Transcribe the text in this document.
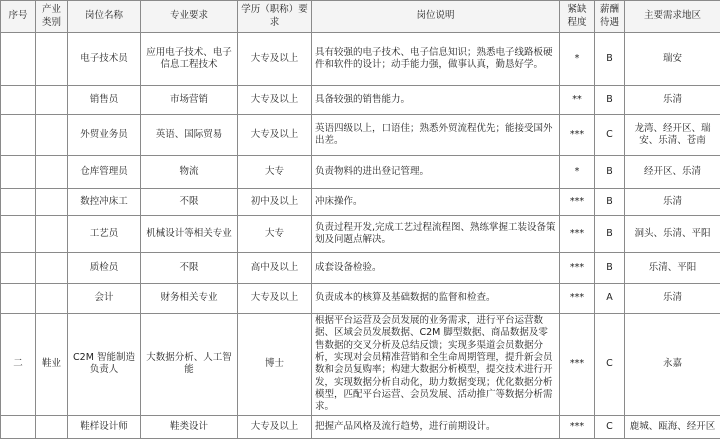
序号	产业类别	岗位名称	专业要求	学历（职称）要求	岗位说明	紧缺程度	薪酬待遇	主要需求地区
		电子技术员	应用电子技术、电子信息工程技术	大专及以上	具有较强的电子技术、电子信息知识；熟悉电子线路板硬件和软件的设计；动手能力强，做事认真，勤恳好学。	*	B	瑞安
		销售员	市场营销	大专及以上	具备较强的销售能力。	**	B	乐清
		外贸业务员	英语、国际贸易	大专及以上	英语四级以上，口语佳；熟悉外贸流程优先；能接受国外出差。	***	C	龙湾、经开区、瑞安、乐清、苍南
		仓库管理员	物流	大专	负责物料的进出登记管理。	*	B	经开区、乐清
		数控冲床工	不限	初中及以上	冲床操作。	***	B	乐清
		工艺员	机械设计等相关专业	大专	负责过程开发,完成工艺过程流程图、熟练掌握工装设备策划及问题点解决。	***	B	洞头、乐清、平阳
		质检员	不限	高中及以上	成套设备检验。	***	B	乐清、平阳
		会计	财务相关专业	大专及以上	负责成本的核算及基础数据的监督和检查。	***	A	乐清
二	鞋业	C2M 智能制造负责人	大数据分析、人工智能	博士	根据平台运营及会员发展的业务需求，进行平台运营数据、区域会员发展数据、C2M 脚型数据、商品数据及零售数据的交叉分析及总结反馈；实现多渠道会员数据分析，实现对会员精准营销和全生命周期管理，提升新会员数和会员复购率；构建大数据分析模型，提交技术进行开发，实现数据分析自动化，助力数据变现；优化数据分析模型，匹配平台运营、会员发展、活动推广等数据分析需求。	***	C	永嘉
		鞋样设计师	鞋类设计	大专及以上	把握产品风格及流行趋势，进行前期设计。	***	C	鹿城、瓯海、经开区
